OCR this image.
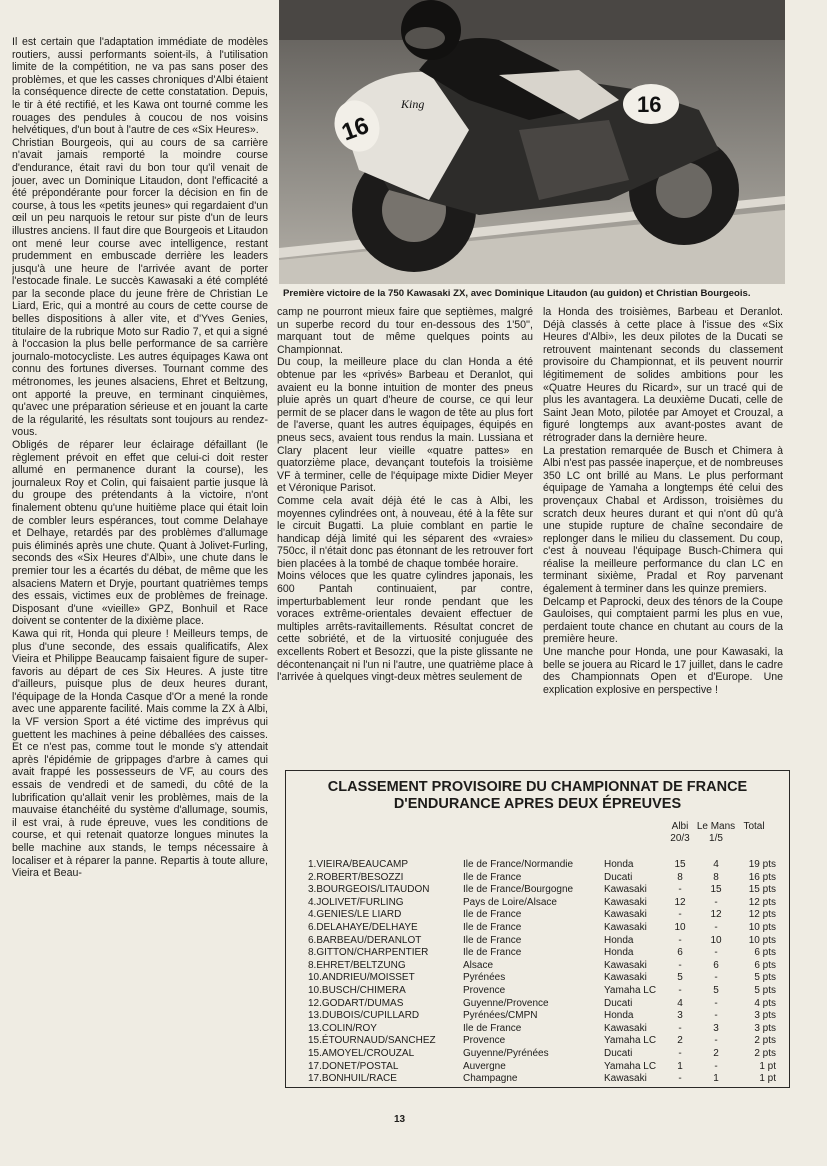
16
16
King
Première victoire de la 750 Kawasaki ZX, avec Dominique Litaudon (au guidon) et Christian Bourgeois.

Il est certain que l'adaptation immédiate de modèles routiers, aussi performants soient-ils, à l'utilisation limite de la compétition, ne va pas sans poser des problèmes, et que les casses chroniques d'Albi étaient la conséquence directe de cette constatation. Depuis, le tir à été rectifié, et les Kawa ont tourné comme les rouages des pendules à coucou de nos voisins helvétiques, d'un bout à l'autre de ces «Six Heures».

Christian Bourgeois, qui au cours de sa carrière n'avait jamais remporté la moindre course d'endurance, était ravi du bon tour qu'il venait de jouer, avec un Dominique Litaudon, dont l'efficacité a été prépondérante pour forcer la décision en fin de course, à tous les «petits jeunes» qui regardaient d'un œil un peu narquois le retour sur piste d'un de leurs illustres anciens. Il faut dire que Bourgeois et Litaudon ont mené leur course avec intelligence, restant prudemment en embuscade derrière les leaders jusqu'à une heure de l'arrivée avant de porter l'estocade finale. Le succès Kawasaki a été complété par la seconde place du jeune frère de Christian Le Liard, Eric, qui a montré au cours de cette course de belles dispositions à aller vite, et d'Yves Genies, titulaire de la rubrique Moto sur Radio 7, et qui a signé à l'occasion la plus belle performance de sa carrière journalo-motocycliste. Les autres équipages Kawa ont connu des fortunes diverses. Tournant comme des métronomes, les jeunes alsaciens, Ehret et Beltzung, ont apporté la preuve, en terminant cinquièmes, qu'avec une préparation sérieuse et en jouant la carte de la régularité, les résultats sont toujours au rendez-vous.

Obligés de réparer leur éclairage défaillant (le règlement prévoit en effet que celui-ci doit rester allumé en permanence durant la course), les journaleux Roy et Colin, qui faisaient partie jusque là du groupe des prétendants à la victoire, n'ont finalement obtenu qu'une huitième place qui était loin de combler leurs espérances, tout comme Delahaye et Delhaye, retardés par des problèmes d'allumage puis éliminés après une chute. Quant à Jolivet-Furling, seconds des «Six Heures d'Albi», une chute dans le premier tour les a écartés du débat, de même que les alsaciens Matern et Dryje, pourtant quatrièmes temps des essais, victimes eux de problèmes de freinage. Disposant d'une «vieille» GPZ, Bonhuil et Race doivent se contenter de la dixième place.

Kawa qui rit, Honda qui pleure ! Meilleurs temps, de plus d'une seconde, des essais qualificatifs, Alex Vieira et Philippe Beaucamp faisaient figure de super-favoris au départ de ces Six Heures. A juste titre d'ailleurs, puisque plus de deux heures durant, l'équipage de la Honda Casque d'Or a mené la ronde avec une apparente facilité. Mais comme la ZX à Albi, la VF version Sport a été victime des imprévus qui guettent les machines à peine déballées des caisses. Et ce n'est pas, comme tout le monde s'y attendait après l'épidémie de grippages d'arbre à cames qui avait frappé les possesseurs de VF, au cours des essais de vendredi et de samedi, du côté de la lubrification qu'allait venir les problèmes, mais de la mauvaise étanchéité du système d'allumage, soumis, il est vrai, à rude épreuve, vues les conditions de course, et qui retenait quatorze longues minutes la belle machine aux stands, le temps nécessaire à localiser et à réparer la panne. Repartis à toute allure, Vieira et Beau-

camp ne pourront mieux faire que septièmes, malgré un superbe record du tour en-dessous des 1'50'', marquant tout de même quelques points au Championnat.

Du coup, la meilleure place du clan Honda a été obtenue par les «privés» Barbeau et Deranlot, qui avaient eu la bonne intuition de monter des pneus pluie après un quart d'heure de course, ce qui leur permit de se placer dans le wagon de tête au plus fort de l'averse, quant les autres équipages, équipés en pneus secs, avaient tous rendus la main. Lussiana et Clary placent leur vieille «quatre pattes» en quatorzième place, devançant toutefois la troisième VF à terminer, celle de l'équipage mixte Didier Meyer et Véronique Parisot.

Comme cela avait déjà été le cas à Albi, les moyennes cylindrées ont, à nouveau, été à la fête sur le circuit Bugatti. La pluie comblant en partie le handicap déjà limité qui les séparent des «vraies» 750cc, il n'était donc pas étonnant de les retrouver fort bien placées à la tombé de chaque tombée horaire.

Moins véloces que les quatre cylindres japonais, les 600 Pantah continuaient, par contre, imperturbablement leur ronde pendant que les voraces extrême-orientales devaient effectuer de multiples arrêts-ravitaillements. Résultat concret de cette sobriété, et de la virtuosité conjuguée des excellents Robert et Besozzi, que la piste glissante ne décontenançait ni l'un ni l'autre, une quatrième place à l'arrivée à quelques vingt-deux mètres seulement de

la Honda des troisièmes, Barbeau et Deranlot. Déjà classés à cette place à l'issue des «Six Heures d'Albi», les deux pilotes de la Ducati se retrouvent maintenant seconds du classement provisoire du Championnat, et ils peuvent nourrir légitimement de solides ambitions pour les «Quatre Heures du Ricard», sur un tracé qui de plus les avantagera. La deuxième Ducati, celle de Saint Jean Moto, pilotée par Amoyet et Crouzal, a figuré longtemps aux avant-postes avant de rétrograder dans la dernière heure.

La prestation remarquée de Busch et Chimera à Albi n'est pas passée inaperçue, et de nombreuses 350 LC ont brillé au Mans. Le plus performant équipage de Yamaha a longtemps été celui des provençaux Chabal et Ardisson, troisièmes du scratch deux heures durant et qui n'ont dû qu'à une stupide rupture de chaîne secondaire de replonger dans le milieu du classement. Du coup, c'est à nouveau l'équipage Busch-Chimera qui réalise la meilleure performance du clan LC en terminant sixième, Pradal et Roy parvenant également à terminer dans les quinze premiers.

Delcamp et Paprocki, deux des ténors de la Coupe Gauloises, qui comptaient parmi les plus en vue, perdaient toute chance en chutant au cours de la première heure.

Une manche pour Honda, une pour Kawasaki, la belle se jouera au Ricard le 17 juillet, dans le cadre des Championnats Open et d'Europe. Une explication explosive en perspective !

CLASSEMENT PROVISOIRE DU CHAMPIONNAT DE FRANCE
D'ENDURANCE APRES DEUX ÉPREUVES
Albi
20/3
Le Mans
1/5
Total
1.VIEIRA/BEAUCAMP	Ile de France/Normandie	Honda	15	4	19 pts
2.ROBERT/BESOZZI	Ile de France	Ducati	8	8	16 pts
3.BOURGEOIS/LITAUDON	Ile de France/Bourgogne	Kawasaki	-	15	15 pts
4.JOLIVET/FURLING	Pays de Loire/Alsace	Kawasaki	12	-	12 pts
4.GENIES/LE LIARD	Ile de France	Kawasaki	-	12	12 pts
6.DELAHAYE/DELHAYE	Ile de France	Kawasaki	10	-	10 pts
6.BARBEAU/DERANLOT	Ile de France	Honda	-	10	10 pts
8.GITTON/CHARPENTIER	Ile de France	Honda	6	-	6 pts
8.EHRET/BELTZUNG	Alsace	Kawasaki	-	6	6 pts
10.ANDRIEU/MOISSET	Pyrénées	Kawasaki	5	-	5 pts
10.BUSCH/CHIMERA	Provence	Yamaha LC	-	5	5 pts
12.GODART/DUMAS	Guyenne/Provence	Ducati	4	-	4 pts
13.DUBOIS/CUPILLARD	Pyrénées/CMPN	Honda	3	-	3 pts
13.COLIN/ROY	Ile de France	Kawasaki	-	3	3 pts
15.ÉTOURNAUD/SANCHEZ	Provence	Yamaha LC	2	-	2 pts
15.AMOYEL/CROUZAL	Guyenne/Pyrénées	Ducati	-	2	2 pts
17.DONET/POSTAL	Auvergne	Yamaha LC	1	-	1 pt
17.BONHUIL/RACE	Champagne	Kawasaki	-	1	1 pt
13
